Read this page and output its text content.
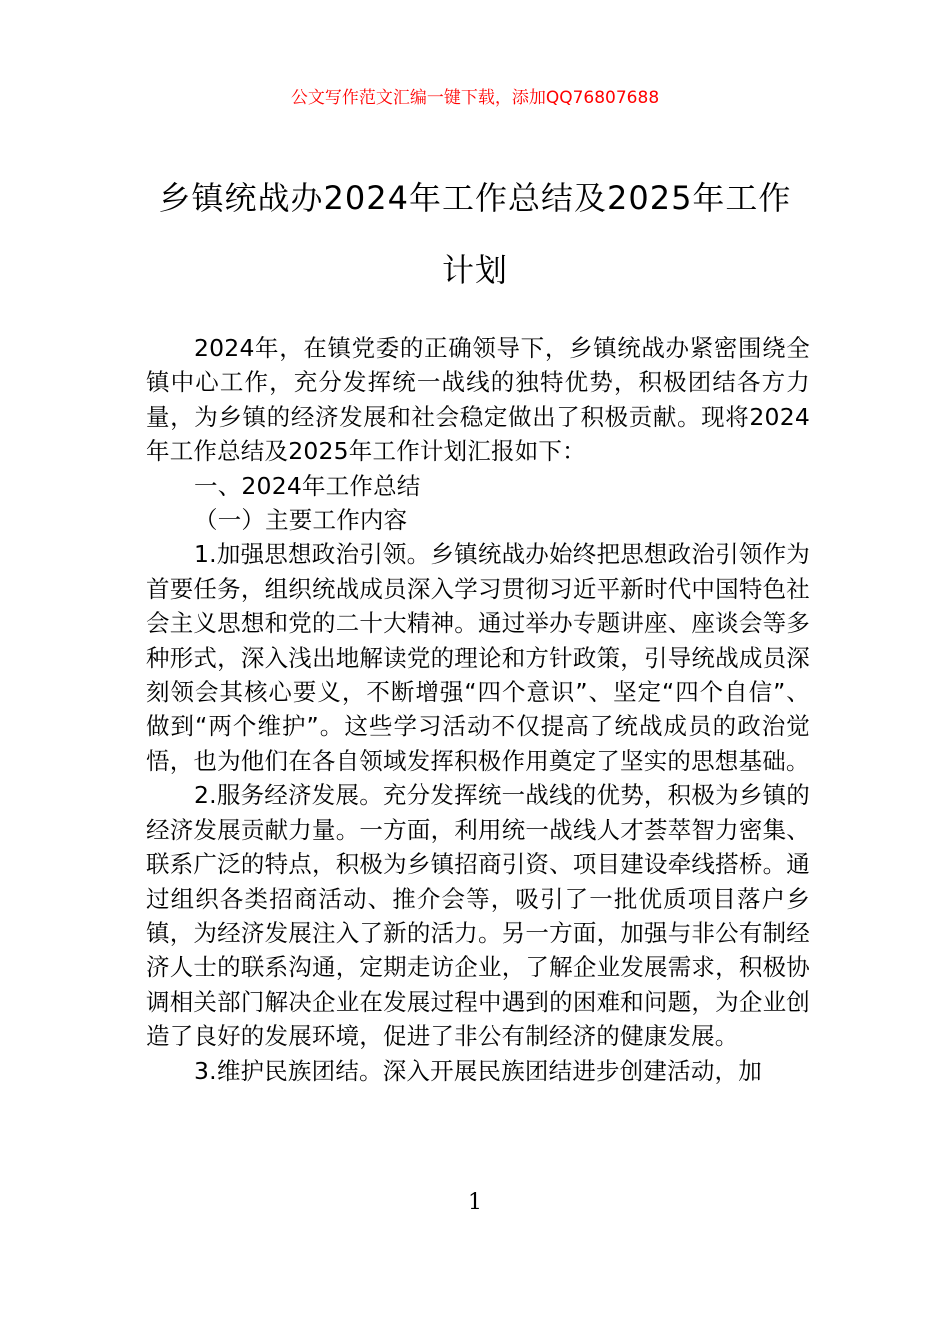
公文写作范文汇编一键下载，添加QQ76807688
乡镇统战办2024年工作总结及2025年工作
计划

2024年，在镇党委的正确领导下，乡镇统战办紧密围绕全镇中心工作，充分发挥统一战线的独特优势，积极团结各方力量，为乡镇的经济发展和社会稳定做出了积极贡献。现将2024年工作总结及2025年工作计划汇报如下：

一、2024年工作总结

（一）主要工作内容

1.加强思想政治引领。乡镇统战办始终把思想政治引领作为首要任务，组织统战成员深入学习贯彻习近平新时代中国特色社会主义思想和党的二十大精神。通过举办专题讲座、座谈会等多种形式，深入浅出地解读党的理论和方针政策，引导统战成员深刻领会其核心要义，不断增强“四个意识”、坚定“四个自信”、做到“两个维护”。这些学习活动不仅提高了统战成员的政治觉悟，也为他们在各自领域发挥积极作用奠定了坚实的思想基础。

2.服务经济发展。充分发挥统一战线的优势，积极为乡镇的经济发展贡献力量。一方面，利用统一战线人才荟萃智力密集、联系广泛的特点，积极为乡镇招商引资、项目建设牵线搭桥。通过组织各类招商活动、推介会等，吸引了一批优质项目落户乡镇，为经济发展注入了新的活力。另一方面，加强与非公有制经济人士的联系沟通，定期走访企业，了解企业发展需求，积极协调相关部门解决企业在发展过程中遇到的困难和问题，为企业创造了良好的发展环境，促进了非公有制经济的健康发展。

3.维护民族团结。深入开展民族团结进步创建活动，加

1
